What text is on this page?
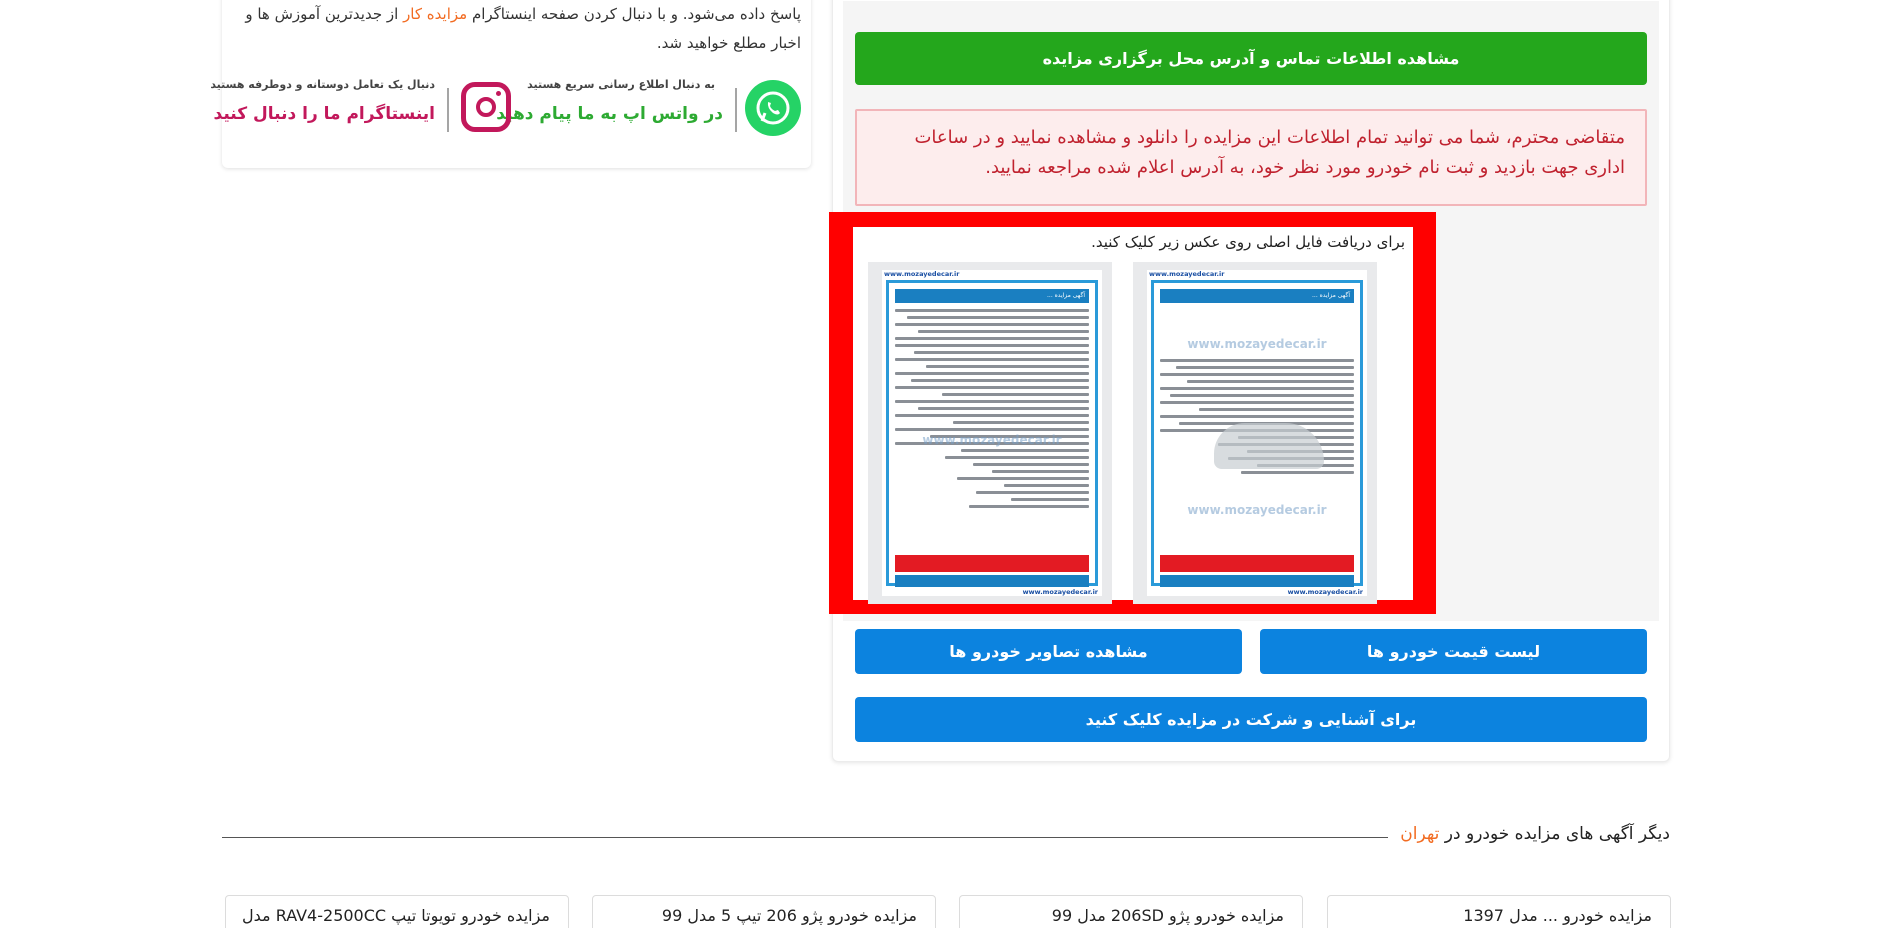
پاسخ داده می‌شود. و با دنبال کردن صفحه اینستاگرام مزایده کار از جدیدترین آموزش ها و
اخبار مطلع خواهید شد.
به دنبال اطلاع رسانی سریع هستید
در واتس اپ به ما پیام دهید
دنبال یک تعامل دوستانه و دوطرفه هستید
اینستاگرام ما را دنبال کنید
مشاهده اطلاعات تماس و آدرس محل برگزاری مزایده
متقاضی محترم، شما می توانید تمام اطلاعات این مزایده را دانلود و مشاهده نمایید و در ساعات اداری جهت بازدید و ثبت نام خودرو مورد نظر خود، به آدرس اعلام شده مراجعه نمایید.
برای دریافت فایل اصلی روی عکس زیر کلیک کنید.
www.mozayedecar.ir
آگهی مزایده ...
www.mozayedecar.ir
www.mozayedecar.ir
www.mozayedecar.ir
www.mozayedecar.ir
آگهی مزایده ...
www.mozayedecar.ir
www.mozayedecar.ir
لیست قیمت خودرو ها
مشاهده تصاویر خودرو ها
برای آشنایی و شرکت در مزایده کلیک کنید
دیگر آگهی های مزایده خودرو در تهران
مزایده خودرو ... مدل 1397
مزایده خودرو پژو 206SD مدل 99
مزایده خودرو پژو 206 تیپ 5 مدل 99
مزایده خودرو تویوتا تیپ RAV4-2500CC مدل
